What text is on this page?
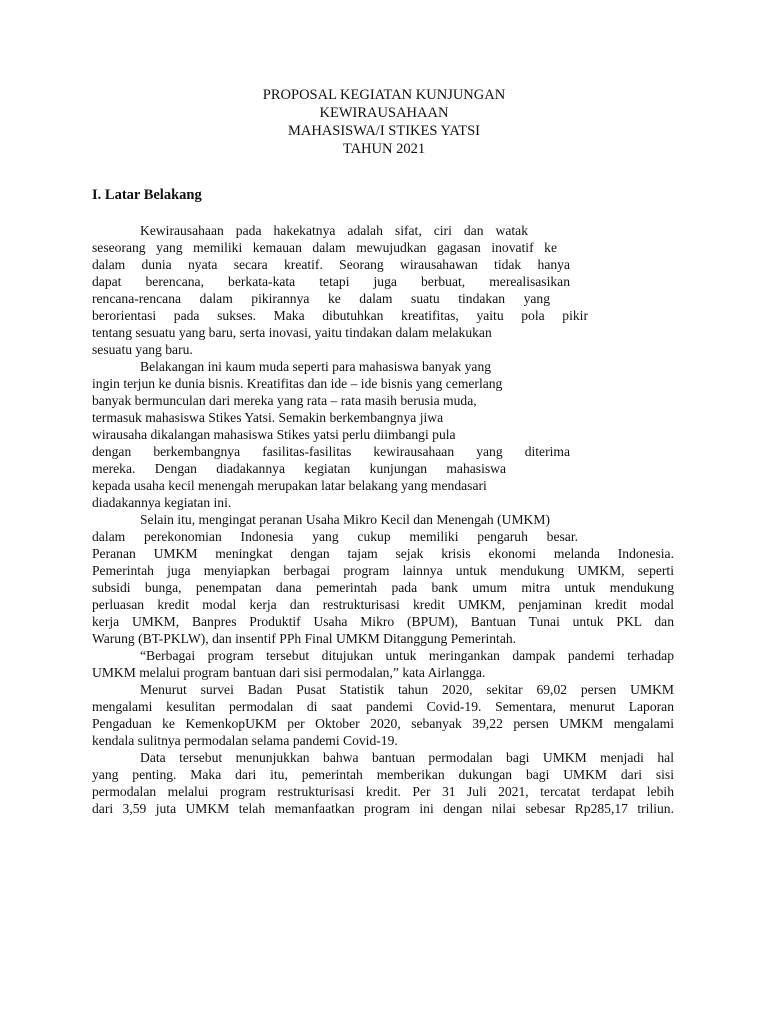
PROPOSAL KEGIATAN KUNJUNGAN
KEWIRAUSAHAAN
MAHASISWA/I STIKES YATSI
TAHUN 2021
I. Latar Belakang
Kewirausahaan pada hakekatnya adalah sifat, ciri dan watak
seseorang yang memiliki kemauan dalam mewujudkan gagasan inovatif ke
dalam dunia nyata secara kreatif. Seorang wirausahawan tidak hanya
dapat berencana, berkata-kata tetapi juga berbuat, merealisasikan
rencana-rencana dalam pikirannya ke dalam suatu tindakan yang
berorientasi pada sukses. Maka dibutuhkan kreatifitas, yaitu pola pikir
tentang sesuatu yang baru, serta inovasi, yaitu tindakan dalam melakukan
sesuatu yang baru.
Belakangan ini kaum muda seperti para mahasiswa banyak yang
ingin terjun ke dunia bisnis. Kreatifitas dan ide – ide bisnis yang cemerlang
banyak bermunculan dari mereka yang rata – rata masih berusia muda,
termasuk mahasiswa Stikes Yatsi. Semakin berkembangnya jiwa
wirausaha dikalangan mahasiswa Stikes yatsi perlu diimbangi pula
dengan berkembangnya fasilitas-fasilitas kewirausahaan yang diterima
mereka. Dengan diadakannya kegiatan kunjungan mahasiswa
kepada usaha kecil menengah merupakan latar belakang yang mendasari
diadakannya kegiatan ini.
Selain itu, mengingat peranan Usaha Mikro Kecil dan Menengah (UMKM)
dalam perekonomian Indonesia yang cukup memiliki pengaruh besar.
Peranan UMKM meningkat dengan tajam sejak krisis ekonomi melanda Indonesia.
Pemerintah juga menyiapkan berbagai program lainnya untuk mendukung UMKM, seperti
subsidi bunga, penempatan dana pemerintah pada bank umum mitra untuk mendukung
perluasan kredit modal kerja dan restrukturisasi kredit UMKM, penjaminan kredit modal
kerja UMKM, Banpres Produktif Usaha Mikro (BPUM), Bantuan Tunai untuk PKL dan
Warung (BT-PKLW), dan insentif PPh Final UMKM Ditanggung Pemerintah.
“Berbagai program tersebut ditujukan untuk meringankan dampak pandemi terhadap
UMKM melalui program bantuan dari sisi permodalan,” kata Airlangga.
Menurut survei Badan Pusat Statistik tahun 2020, sekitar 69,02 persen UMKM
mengalami kesulitan permodalan di saat pandemi Covid-19. Sementara, menurut Laporan
Pengaduan ke KemenkopUKM per Oktober 2020, sebanyak 39,22 persen UMKM mengalami
kendala sulitnya permodalan selama pandemi Covid-19.
Data tersebut menunjukkan bahwa bantuan permodalan bagi UMKM menjadi hal
yang penting. Maka dari itu, pemerintah memberikan dukungan bagi UMKM dari sisi
permodalan melalui program restrukturisasi kredit. Per 31 Juli 2021, tercatat terdapat lebih
dari 3,59 juta UMKM telah memanfaatkan program ini dengan nilai sebesar Rp285,17 triliun.
